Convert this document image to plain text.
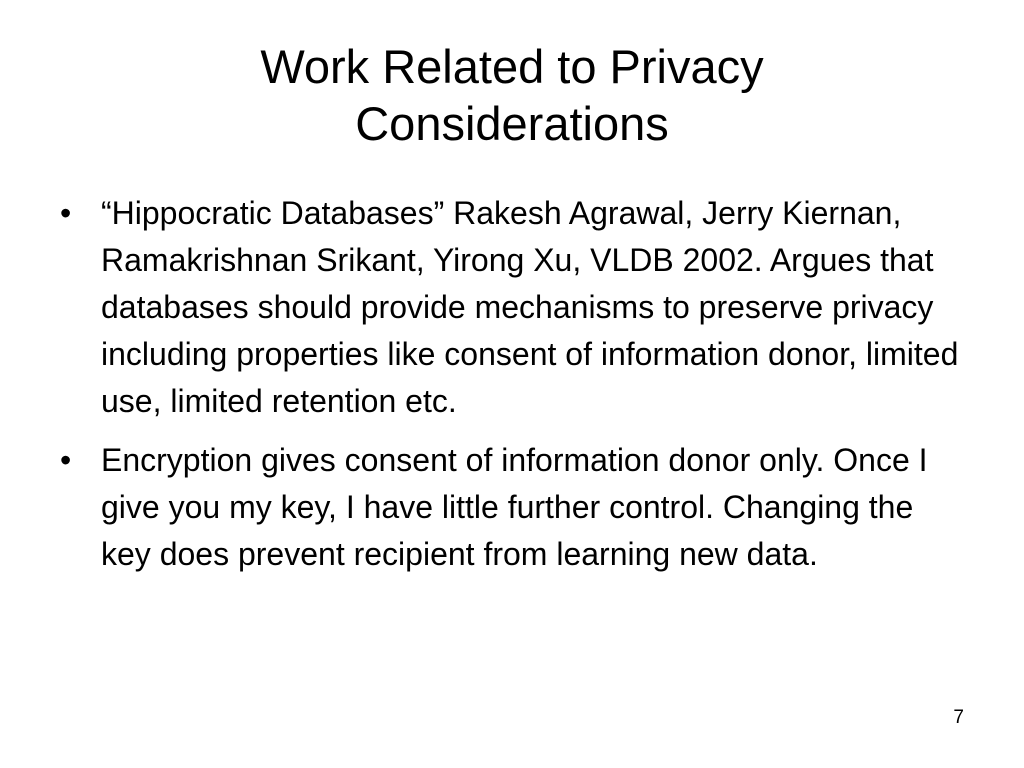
Work Related to Privacy
Considerations
• “Hippocratic Databases” Rakesh Agrawal, Jerry Kiernan, Ramakrishnan Srikant, Yirong Xu, VLDB 2002. Argues that databases should provide mechanisms to preserve privacy including properties like consent of information donor, limited use, limited retention etc.
• Encryption gives consent of information donor only. Once I give you my key, I have little further control. Changing the key does prevent recipient from learning new data.
7
